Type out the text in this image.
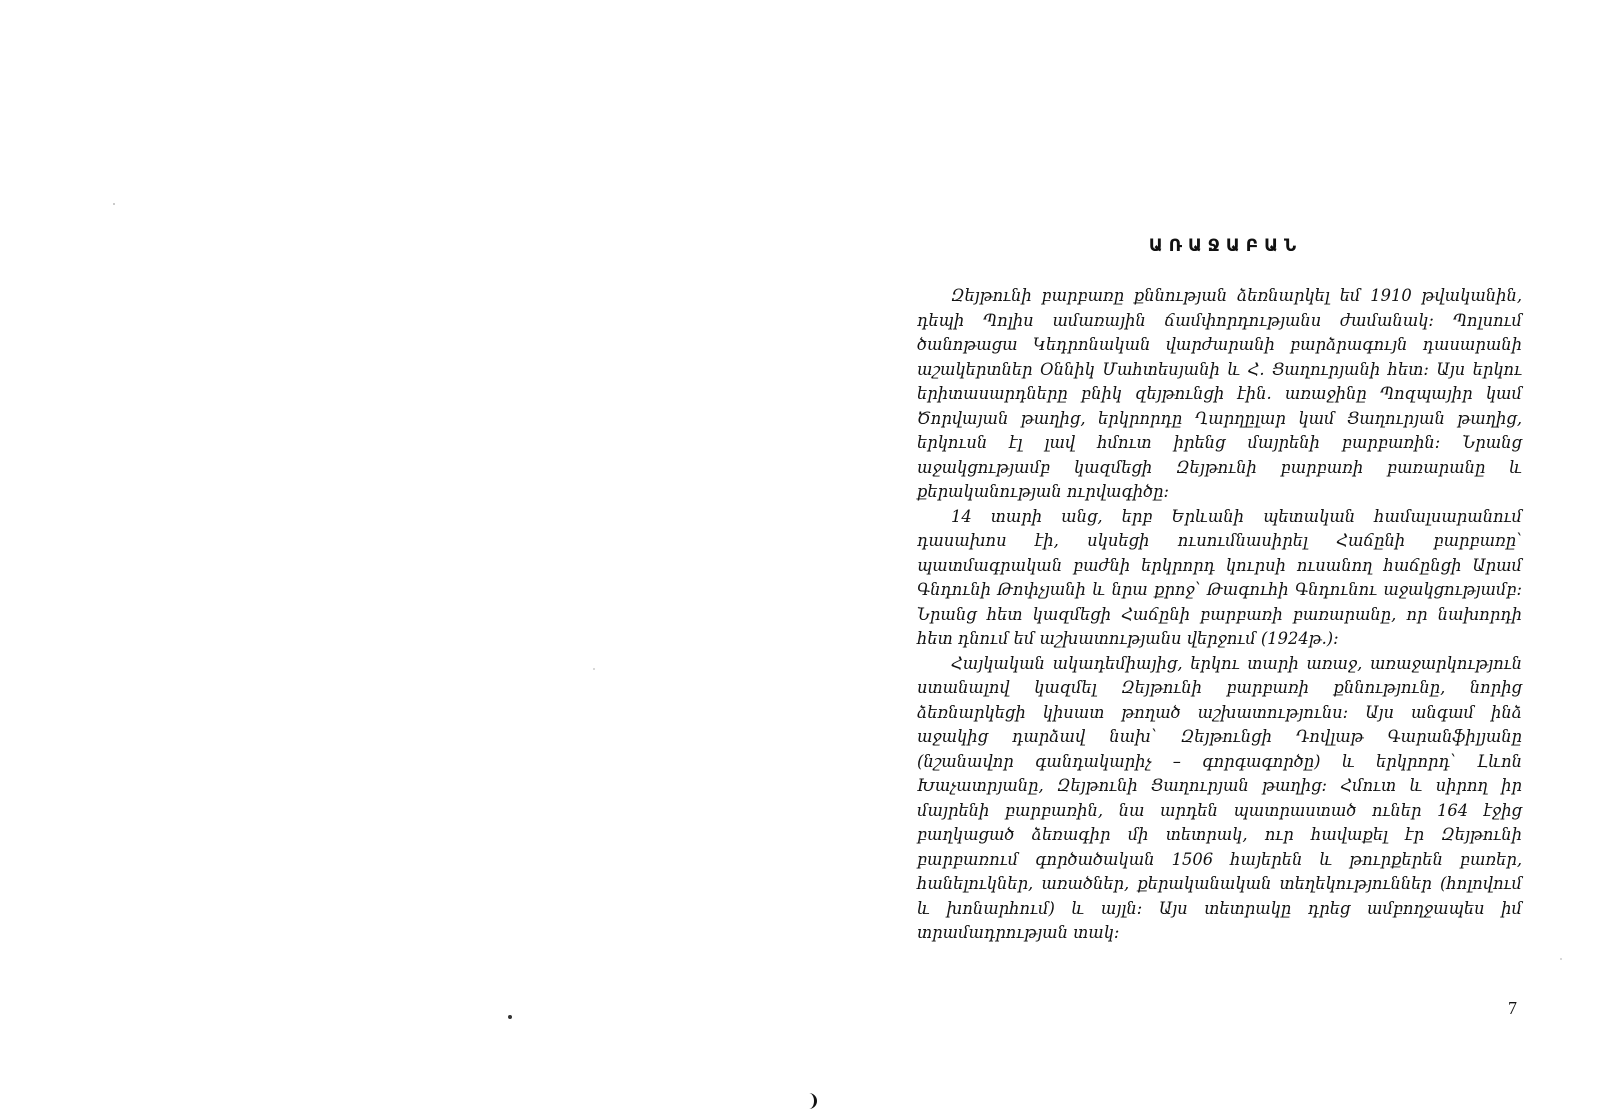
ԱՌԱՋԱԲԱՆ

Զեյթունի բարբառը քննության ձեռնարկել եմ 1910 թվականին, դեպի Պոլիս ամառային ճամփորդությանս ժամանակ։ Պոլսում ծանոթացա Կեդրոնական վարժարանի բարձրագույն դասարանի աշակերտներ Օննիկ Մահտեսյանի և Հ. Ցաղուրյանի հետ։ Այս երկու երիտասարդները բնիկ զեյթունցի էին. առաջինը Պոզպայիր կամ Ծորվայան թաղից, երկրորդը Ղարղըլար կամ Ցաղուրյան թաղից, երկուսն էլ լավ հմուտ իրենց մայրենի բարբառին։ Նրանց աջակցությամբ կազմեցի Զեյթունի բարբառի բառարանը և քերականության ուրվագիծը։

14 տարի անց, երբ Երևանի պետական համալսարանում դասախոս էի, սկսեցի ուսումնասիրել Հաճընի բարբառը՝ պատմագրական բաժնի երկրորդ կուրսի ուսանող հաճընցի Արամ Գնդունի Թոփչյանի և նրա քրոջ՝ Թագուհի Գնդունու աջակցությամբ։ Նրանց հետ կազմեցի Հաճընի բարբառի բառարանը, որ նախորդի հետ դնում եմ աշխատությանս վերջում (1924թ.)։

Հայկական ակադեմիայից, երկու տարի առաջ, առաջարկություն ստանալով կազմել Զեյթունի բարբառի քննությունը, նորից ձեռնարկեցի կիսատ թողած աշխատությունս։ Այս անգամ ինձ աջակից դարձավ նախ՝ Զեյթունցի Դովլաթ Գարանֆիլյանը (նշանավոր գանդակարիչ – գորգագործը) և երկրորդ՝ Լևոն Խաչատրյանը, Զեյթունի Ցաղուրյան թաղից։ Հմուտ և սիրող իր մայրենի բարբառին, նա արդեն պատրաստած ուներ 164 էջից բաղկացած ձեռագիր մի տետրակ, ուր հավաքել էր Զեյթունի բարբառում գործածական 1506 հայերեն և թուրքերեն բառեր, հանելուկներ, առածներ, քերականական տեղեկություններ (հոլովում և խոնարհում) և այլն։ Այս տետրակը դրեց ամբողջապես իմ տրամադրության տակ։

7
